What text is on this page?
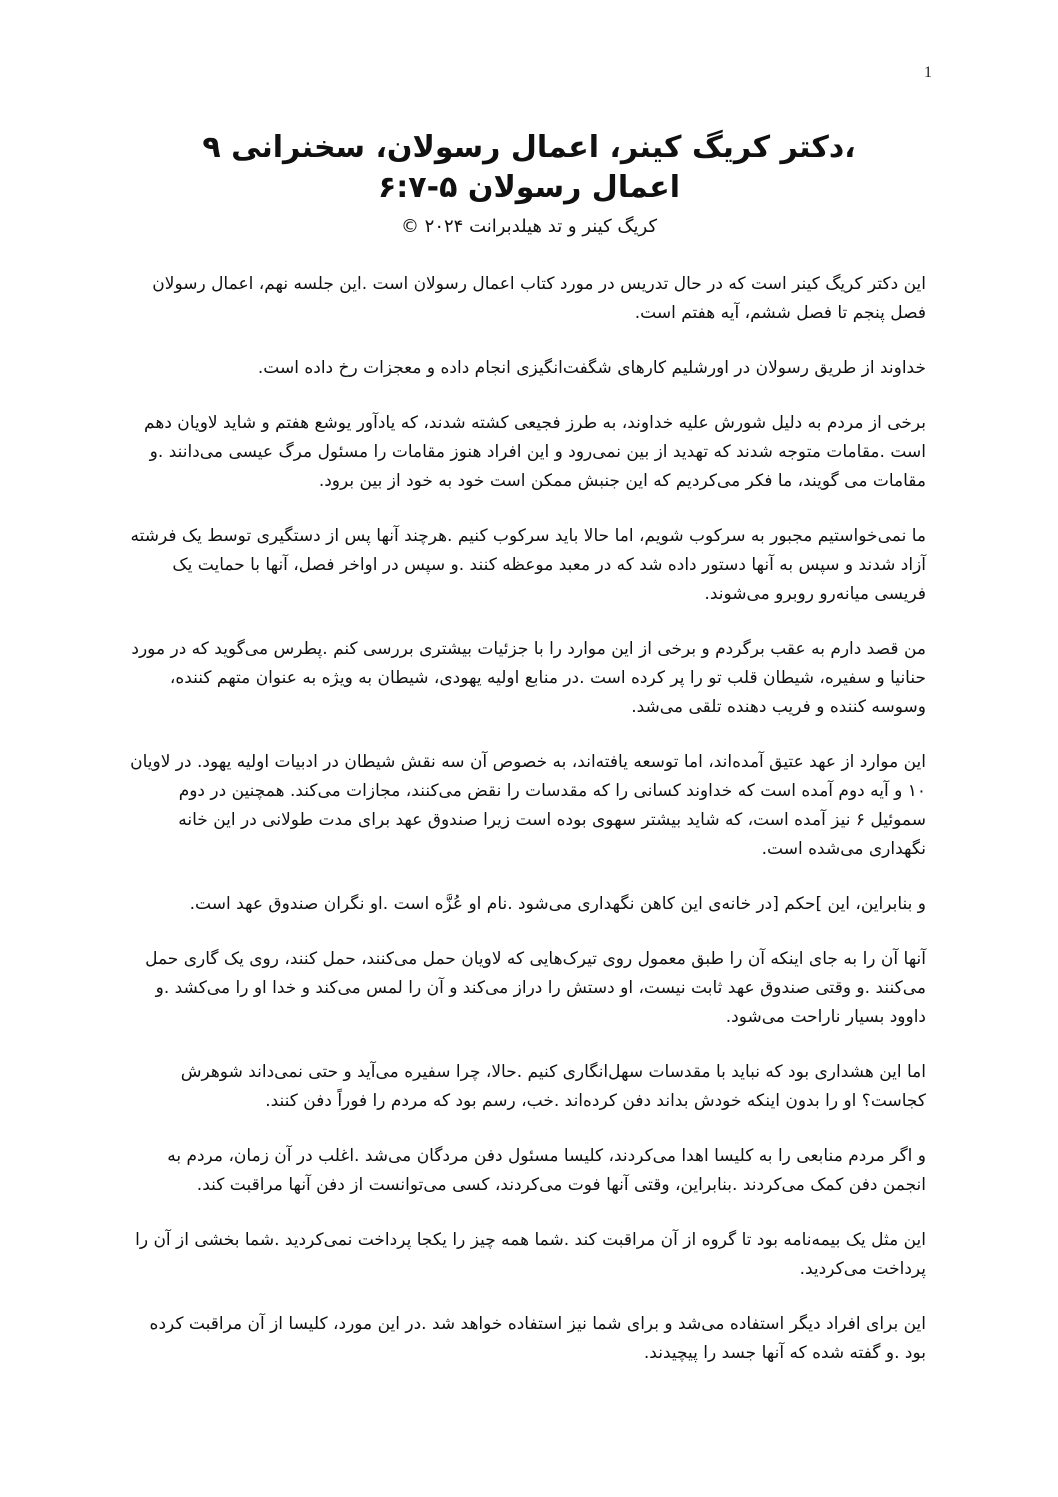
1
،دکتر کریگ کینر، اعمال رسولان، سخنرانی ۹
اعمال رسولان ۵-۶:۷
کریگ کینر و تد هیلدبرانت ۲۰۲۴ ©

این دکتر کریگ کینر است که در حال تدریس در مورد کتاب اعمال رسولان است .این جلسه نهم، اعمال رسولان فصل پنجم تا فصل ششم، آیه هفتم است.

خداوند از طریق رسولان در اورشلیم کارهای شگفت‌انگیزی انجام داده و معجزات رخ داده است.

برخی از مردم به دلیل شورش علیه خداوند، به طرز فجیعی کشته شدند، که یادآور یوشع هفتم و شاید لاویان دهم است .مقامات متوجه شدند که تهدید از بین نمی‌رود و این افراد هنوز مقامات را مسئول مرگ عیسی می‌دانند .و مقامات می گویند، ما فکر می‌کردیم که این جنبش ممکن است خود به خود از بین برود.

ما نمی‌خواستیم مجبور به سرکوب شویم، اما حالا باید سرکوب کنیم .هرچند آنها پس از دستگیری توسط یک فرشته آزاد شدند و سپس به آنها دستور داده شد که در معبد موعظه کنند .و سپس در اواخر فصل، آنها با حمایت یک فریسی میانه‌رو روبرو می‌شوند.

من قصد دارم به عقب برگردم و برخی از این موارد را با جزئیات بیشتری بررسی کنم .پطرس می‌گوید که در مورد حنانیا و سفیره، شیطان قلب تو را پر کرده است .در منابع اولیه یهودی، شیطان به ویژه به عنوان متهم کننده، وسوسه کننده و فریب دهنده تلقی می‌شد.

این موارد از عهد عتیق آمده‌اند، اما توسعه یافته‌اند، به خصوص آن سه نقش شیطان در ادبیات اولیه یهود. در لاویان ۱۰ و آیه دوم آمده است که خداوند کسانی را که مقدسات را نقض می‌کنند، مجازات می‌کند. همچنین در دوم سموئیل ۶ نیز آمده است، که شاید بیشتر سهوی بوده است زیرا صندوق عهد برای مدت طولانی در این خانه نگهداری می‌شده است.

و بنابراین، این ]حکم [در خانه‌ی این کاهن نگهداری می‌شود .نام او عُزَّه است .او نگران صندوق عهد است.

آنها آن را به جای اینکه آن را طبق معمول روی تیرک‌هایی که لاویان حمل می‌کنند، حمل کنند، روی یک گاری حمل می‌کنند .و وقتی صندوق عهد ثابت نیست، او دستش را دراز می‌کند و آن را لمس می‌کند و خدا او را می‌کشد .و داوود بسیار ناراحت می‌شود.

اما این هشداری بود که نباید با مقدسات سهل‌انگاری کنیم .حالا، چرا سفیره می‌آید و حتی نمی‌داند شوهرش کجاست؟ او را بدون اینکه خودش بداند دفن کرده‌اند .خب، رسم بود که مردم را فوراً دفن کنند.

و اگر مردم منابعی را به کلیسا اهدا می‌کردند، کلیسا مسئول دفن مردگان می‌شد .اغلب در آن زمان، مردم به انجمن دفن کمک می‌کردند .بنابراین، وقتی آنها فوت می‌کردند، کسی می‌توانست از دفن آنها مراقبت کند.

این مثل یک بیمه‌نامه بود تا گروه از آن مراقبت کند .شما همه چیز را یکجا پرداخت نمی‌کردید .شما بخشی از آن را پرداخت می‌کردید.

این برای افراد دیگر استفاده می‌شد و برای شما نیز استفاده خواهد شد .در این مورد، کلیسا از آن مراقبت کرده بود .و گفته شده که آنها جسد را پیچیدند.
